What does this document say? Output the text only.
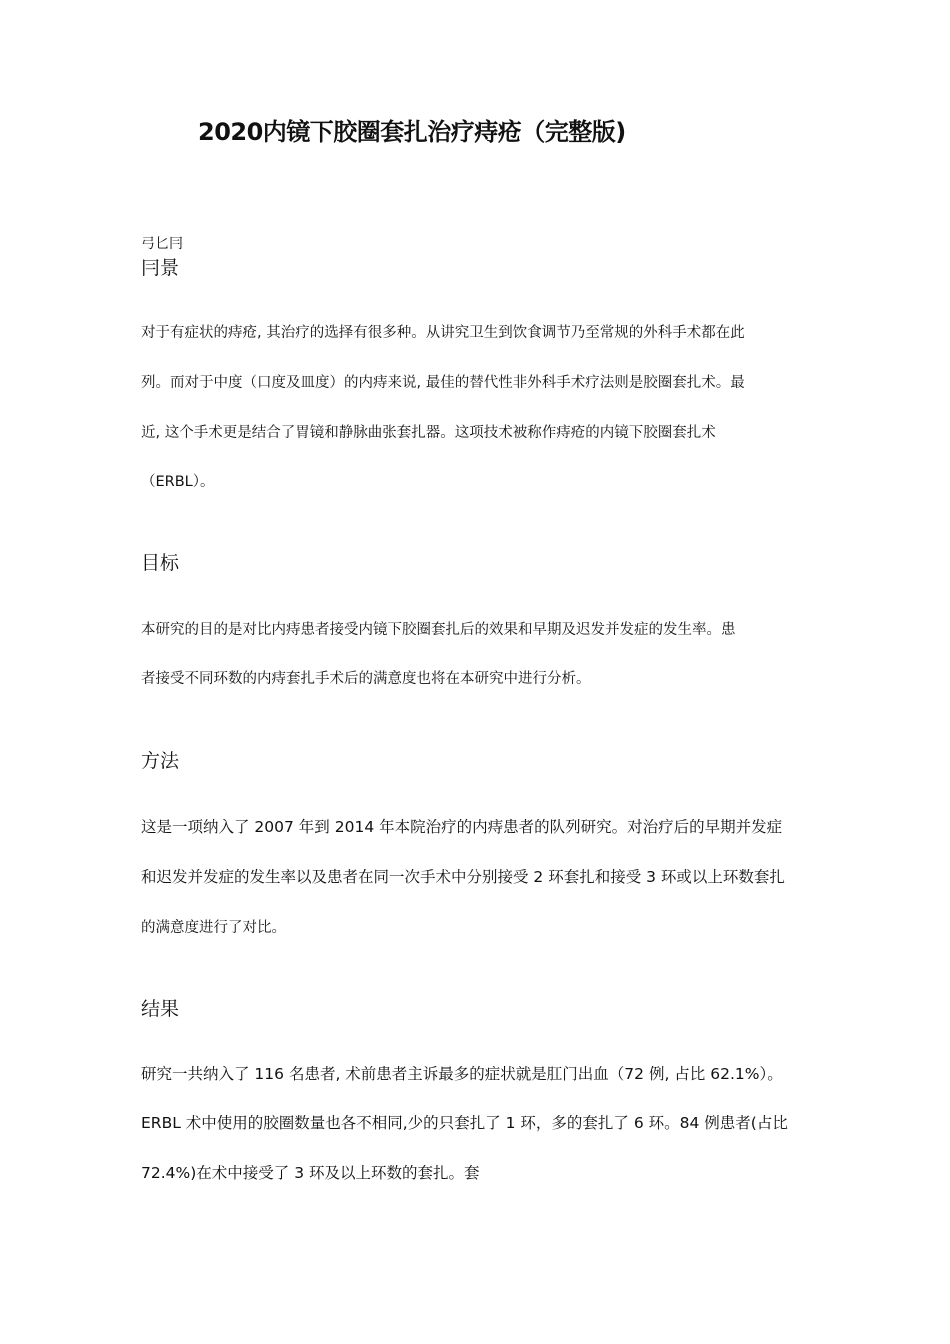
2020内镜下胶圈套扎治疗痔疮（完整版)
弓匕冃
冃景
对于有症状的痔疮, 其治疗的选择有很多种。从讲究卫生到饮食调节乃至常规的外科手术都在此
列。而对于中度（口度及皿度）的内痔来说, 最佳的替代性非外科手术疗法则是胶圈套扎术。最
近, 这个手术更是结合了胃镜和静脉曲张套扎器。这项技术被称作痔疮的内镜下胶圈套扎术
（ERBL）。
目标
本研究的目的是对比内痔患者接受内镜下胶圈套扎后的效果和早期及迟发并发症的发生率。患
者接受不同环数的内痔套扎手术后的满意度也将在本研究中进行分析。
方法
这是一项纳入了 2007 年到 2014 年本院治疗的内痔患者的队列研究。对治疗后的早期并发症
和迟发并发症的发生率以及患者在同一次手术中分别接受 2 环套扎和接受 3 环或以上环数套扎
的满意度进行了对比。
结果
研究一共纳入了 116 名患者, 术前患者主诉最多的症状就是肛门出血（72 例, 占比 62.1%）。
ERBL 术中使用的胶圈数量也各不相同,少的只套扎了 1 环，多的套扎了 6 环。84 例患者(占比
72.4%)在术中接受了 3 环及以上环数的套扎。套
